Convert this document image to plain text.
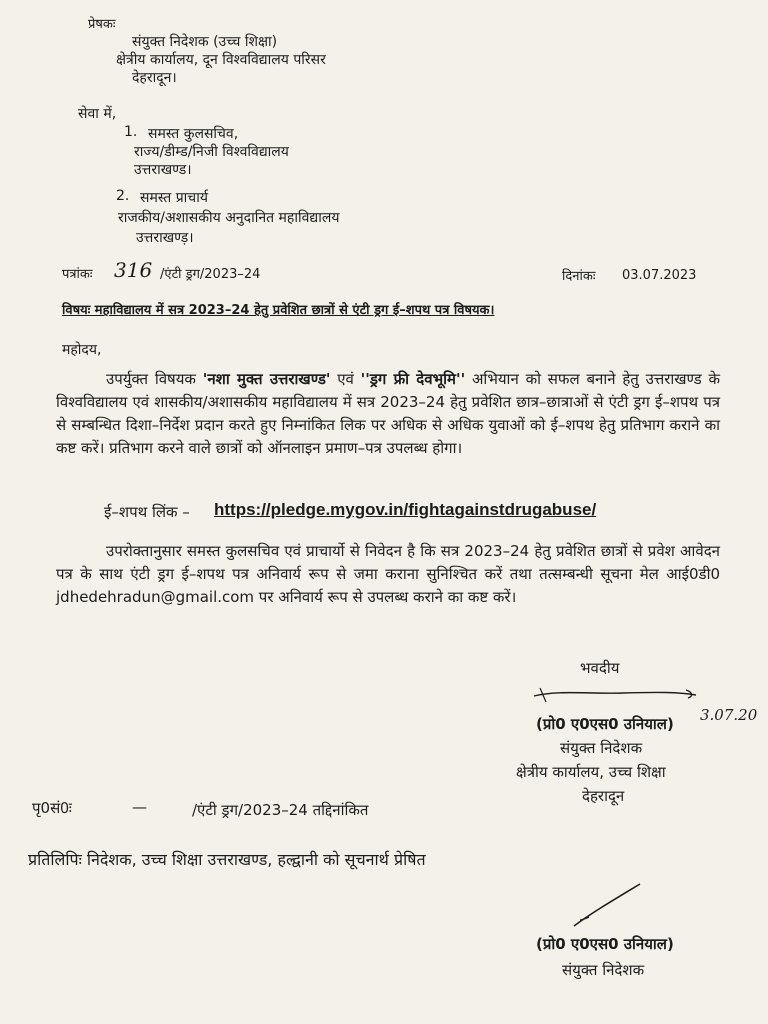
प्रेषकः
संयुक्त निदेशक (उच्च शिक्षा)
क्षेत्रीय कार्यालय, दून विश्वविद्यालय परिसर
देहरादून।
सेवा में,
1. समस्त कुलसचिव,
राज्य/डीम्ड/निजी विश्वविद्यालय
उत्तराखण्ड।
2. समस्त प्राचार्य
राजकीय/अशासकीय अनुदानित महाविद्यालय
उत्तराखण्ड़।
पत्रांकः 316 /एंटी ड्रग/2023–24	दिनांकः 03.07.2023
विषयः महाविद्यालय में सत्र 2023–24 हेतु प्रवेशित छात्रों से एंटी ड्रग ई–शपथ पत्र विषयक।
महोदय,
उपर्युक्त विषयक 'नशा मुक्त उत्तराखण्ड' एवं ''ड्रग फ्री देवभूमि'' अभियान को सफल बनाने हेतु उत्तराखण्ड के विश्वविद्यालय एवं शासकीय/अशासकीय महाविद्यालय में सत्र 2023–24 हेतु प्रवेशित छात्र–छात्राओं से एंटी ड्रग ई–शपथ पत्र से सम्बन्धित दिशा–निर्देश प्रदान करते हुए निम्नांकित लिक पर अधिक से अधिक युवाओं को ई–शपथ हेतु प्रतिभाग कराने का कष्ट करें। प्रतिभाग करने वाले छात्रों को ऑनलाइन प्रमाण–पत्र उपलब्ध होगा।
ई–शपथ लिंक – https://pledge.mygov.in/fightagainstdrugabuse/
उपरोक्तानुसार समस्त कुलसचिव एवं प्राचार्यो से निवेदन है कि सत्र 2023–24 हेतु प्रवेशित छात्रों से प्रवेश आवेदन पत्र के साथ एंटी ड्रग ई–शपथ पत्र अनिवार्य रूप से जमा कराना सुनिश्चित करें तथा तत्सम्बन्धी सूचना मेल आई0डी0 jdhedehradun@gmail.com पर अनिवार्य रूप से उपलब्ध कराने का कष्ट करें।
भवदीय
(प्रो0 ए0एस0 उनियाल) 3.07.20
संयुक्त निदेशक
क्षेत्रीय कार्यालय, उच्च शिक्षा
देहरादून
पृ0सं0ः	—	/एंटी ड्रग/2023–24 तद्दिनांकित
प्रतिलिपिः निदेशक, उच्च शिक्षा उत्तराखण्ड, हल्द्वानी को सूचनार्थ प्रेषित
(प्रो0 ए0एस0 उनियाल)
संयुक्त निदेशक
